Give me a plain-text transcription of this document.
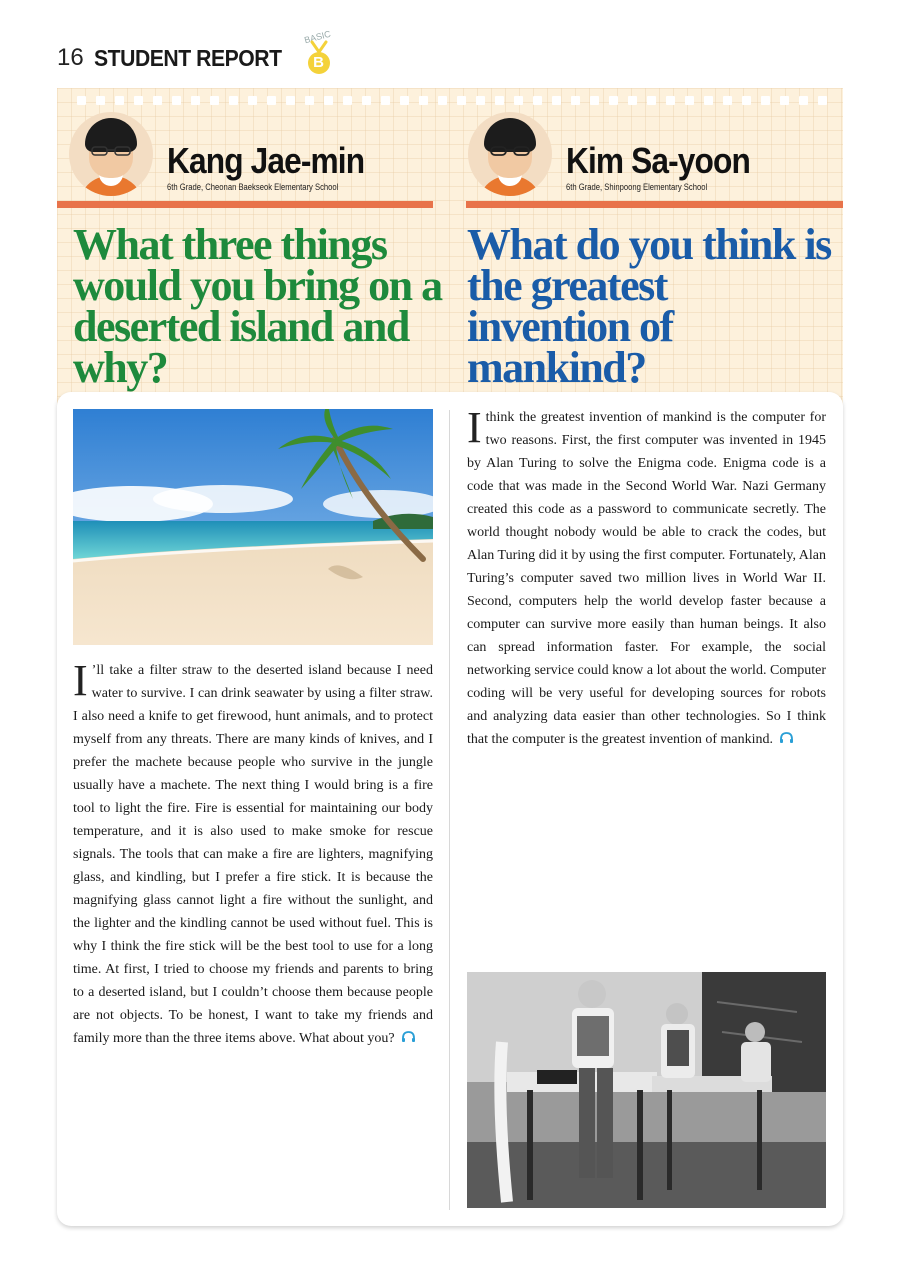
16 STUDENT REPORT
BASIC
B
Kang Jae-min
6th Grade, Cheonan Baekseok Elementary School
Kim Sa-yoon
6th Grade, Shinpoong Elementary School
What three things would you bring on a deserted island and why?
What do you think is the greatest invention of mankind?

I ’ll take a filter straw to the deserted island because I need water to survive. I can drink seawater by using a filter straw. I also need a knife to get firewood, hunt animals, and to protect myself from any threats. There are many kinds of knives, and I prefer the machete because people who survive in the jungle usually have a machete. The next thing I would bring is a fire tool to light the fire. Fire is essential for maintaining our body temperature, and it is also used to make smoke for rescue signals. The tools that can make a fire are lighters, magnifying glass, and kindling, but I prefer a fire stick. It is because the magnifying glass cannot light a fire without the sunlight, and the lighter and the kindling cannot be used without fuel. This is why I think the fire stick will be the best tool to use for a long time. At first, I tried to choose my friends and parents to bring to a deserted island, but I couldn’t choose them because people are not objects. To be honest, I want to take my friends and family more than the three items above. What about you?

I think the greatest invention of mankind is the computer for two reasons. First, the first computer was invented in 1945 by Alan Turing to solve the Enigma code. Enigma code is a code that was made in the Second World War. Nazi Germany created this code as a password to communicate secretly. The world thought nobody would be able to crack the codes, but Alan Turing did it by using the first computer. Fortunately, Alan Turing’s computer saved two million lives in World War II. Second, computers help the world develop faster because a computer can survive more easily than human beings. It also can spread information faster. For example, the social networking service could know a lot about the world. Computer coding will be very useful for developing sources for robots and analyzing data easier than other technologies. So I think that the computer is the greatest invention of mankind.
